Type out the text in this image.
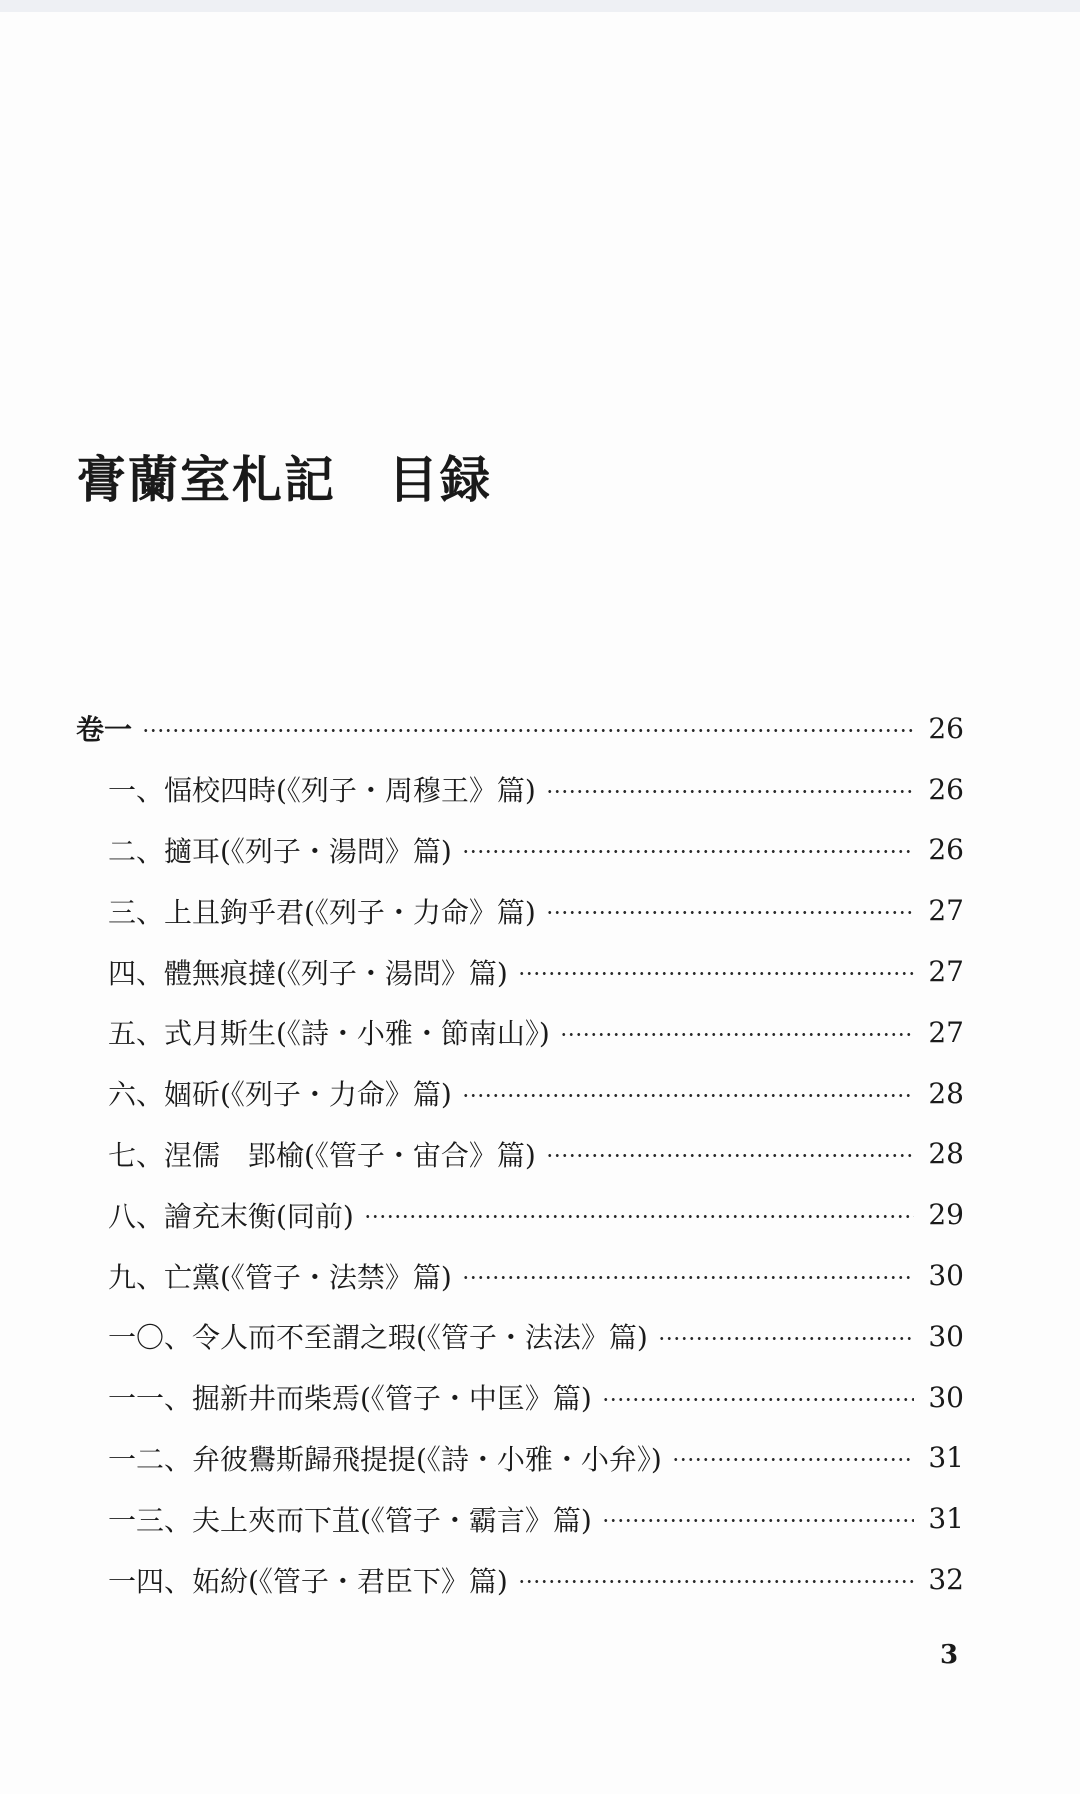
膏蘭室札記 目録
卷一	26
一、愊校四時(《列子・周穆王》篇)	26
二、擿耳(《列子・湯問》篇)	26
三、上且鉤乎君(《列子・力命》篇)	27
四、體無痕撻(《列子・湯問》篇)	27
五、式月斯生(《詩・小雅・節南山》)	27
六、婟斫(《列子・力命》篇)	28
七、涅儒　郢榆(《管子・宙合》篇)	28
八、譮充末衡(同前)	29
九、亡黨(《管子・法禁》篇)	30
一〇、令人而不至謂之瑕(《管子・法法》篇)	30
一一、掘新井而柴焉(《管子・中匡》篇)	30
一二、弁彼鸒斯歸飛提提(《詩・小雅・小弁》)	31
一三、夫上夾而下苴(《管子・霸言》篇)	31
一四、妬紛(《管子・君臣下》篇)	32
3
